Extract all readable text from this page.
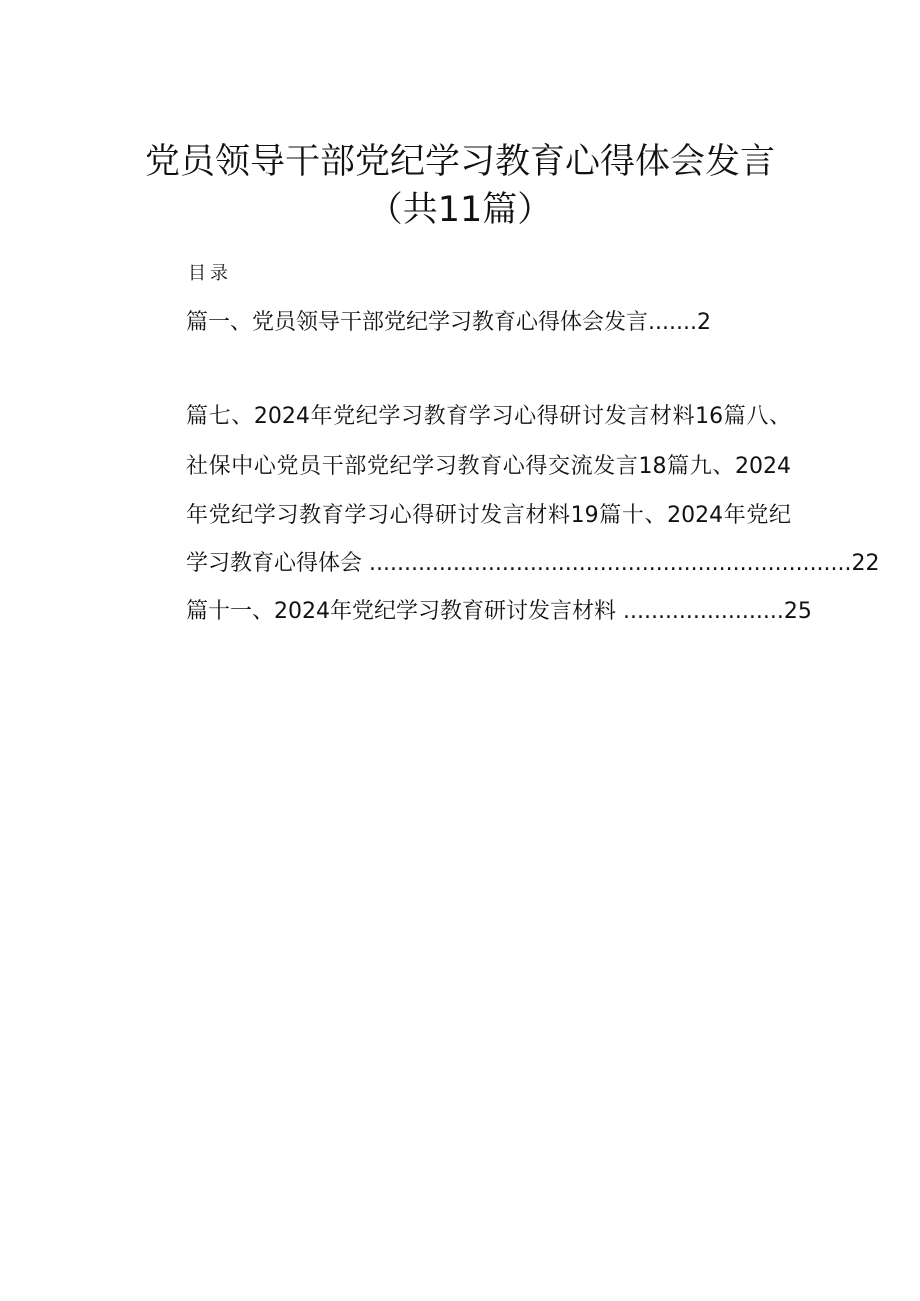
党员领导干部党纪学习教育心得体会发言
（共11篇）
目录
篇一、党员领导干部党纪学习教育心得体会发言.......2
篇七、2024年党纪学习教育学习心得研讨发言材料16篇八、
社保中心党员干部党纪学习教育心得交流发言18篇九、2024
年党纪学习教育学习心得研讨发言材料19篇十、2024年党纪
学习教育心得体会 .....................................................................22
篇十一、2024年党纪学习教育研讨发言材料 .......................25
